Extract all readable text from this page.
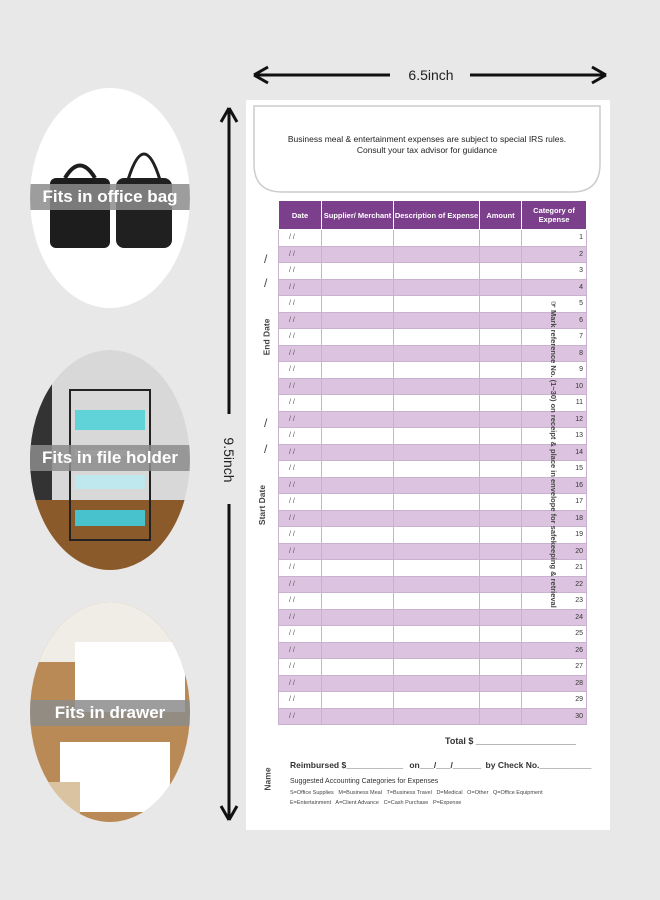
Fits in office bag
Fits in file holder
Fits in drawer
6.5inch
9.5inch
Business meal & entertainment expenses are subject to special IRS rules.
Consult your tax advisor for guidance
Date	Supplier/ Merchant	Description of Expense	Amount	Category of Expense
/ /				1
/ /				2
/ /				3
/ /				4
/ /				5
/ /				6
/ /				7
/ /				8
/ /				9
/ /				10
/ /				11
/ /				12
/ /				13
/ /				14
/ /				15
/ /				16
/ /				17
/ /				18
/ /				19
/ /				20
/ /				21
/ /				22
/ /				23
/ /				24
/ /				25
/ /				26
/ /				27
/ /				28
/ /				29
/ /				30
End Date
/
/
Start Date
/
/
Name
☞ Mark reference No. (1~30) on receipt & place in envelope for safekeeping & retrieval
Total $ ____________________
Reimbursed $____________ on___/___/______ by Check No.___________
Suggested Accounting Categories for Expenses
S=Office Supplies M=Business Meal T=Business Travel D=Medical O=Other Q=Office Equipment
E=Entertainment A=Client Advance C=Cash Purchase P=Expense
